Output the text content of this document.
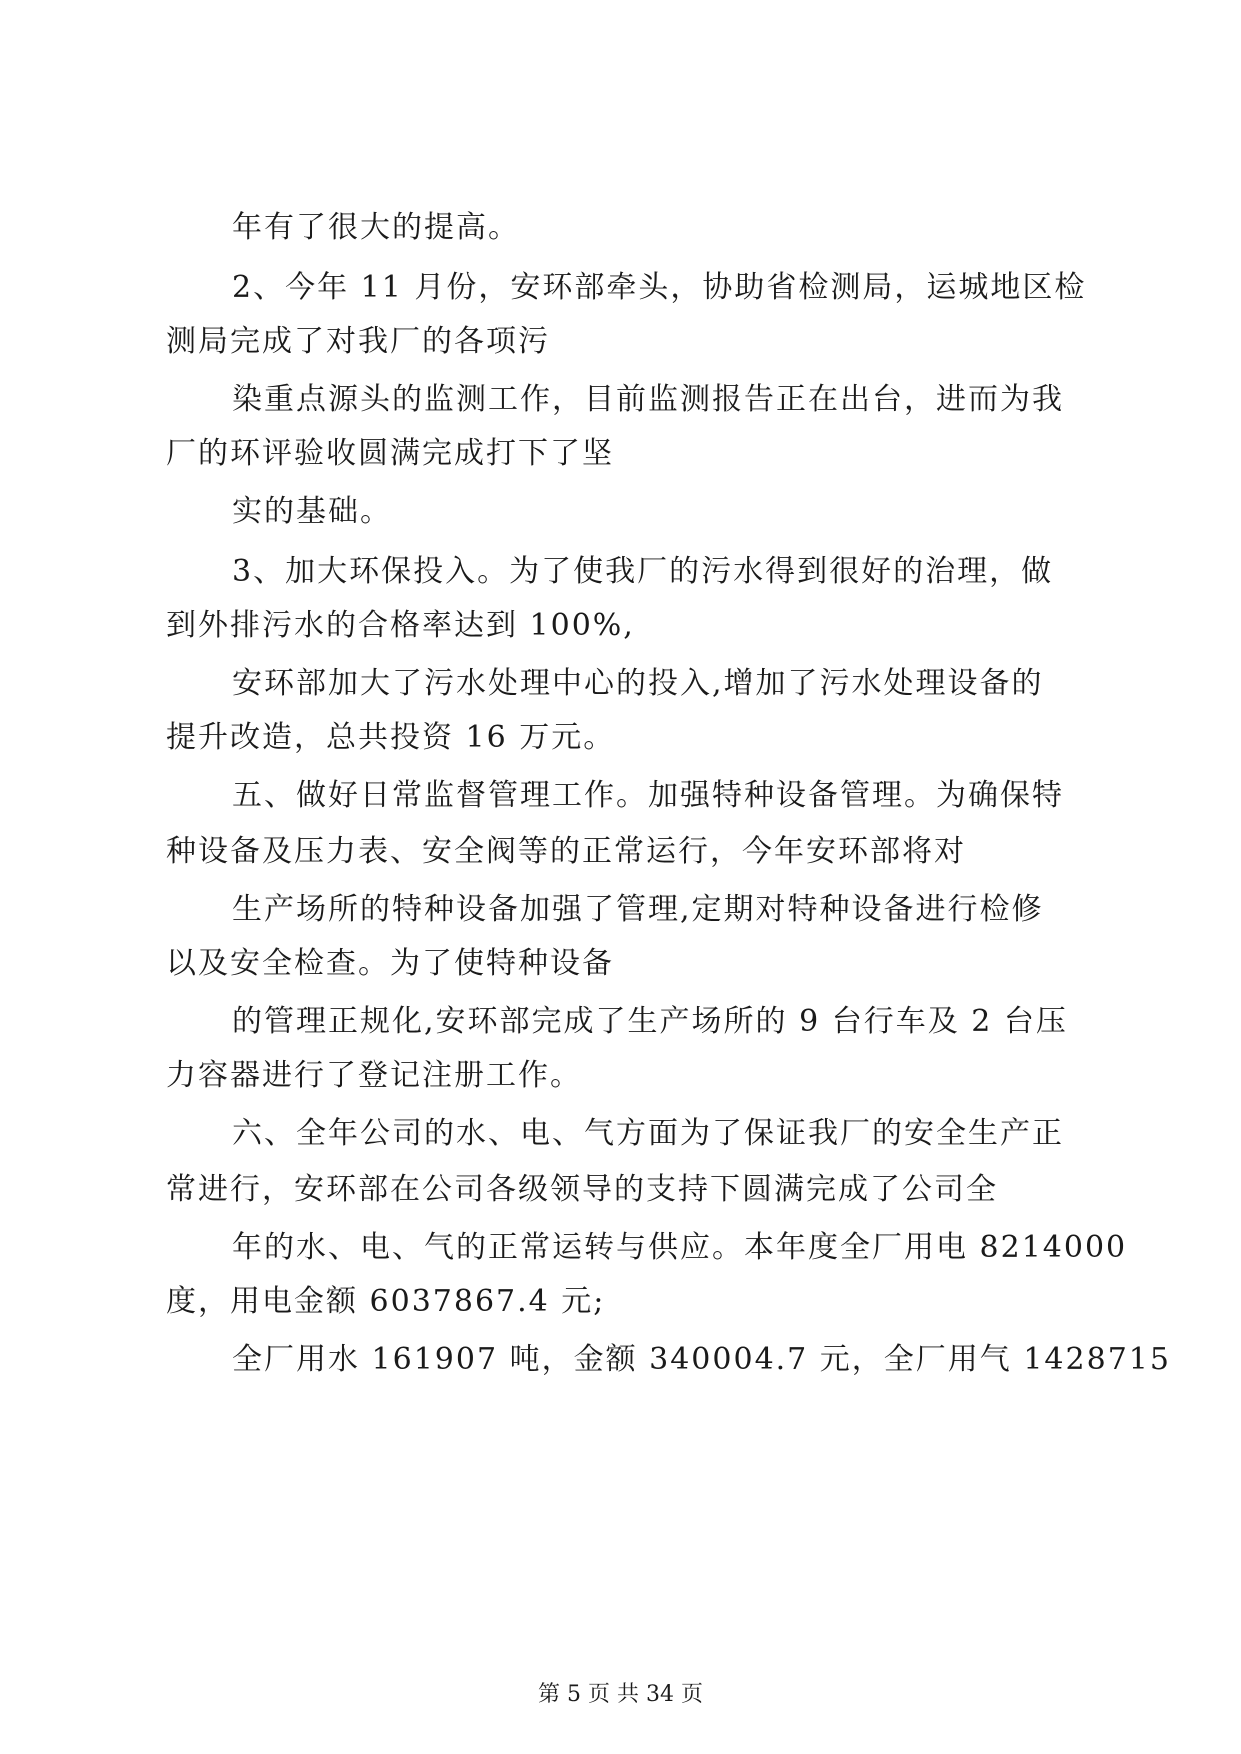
年有了很大的提高。
2、今年 11 月份，安环部牵头，协助省检测局，运城地区检
测局完成了对我厂的各项污
染重点源头的监测工作，目前监测报告正在出台，进而为我
厂的环评验收圆满完成打下了坚
实的基础。
3、加大环保投入。为了使我厂的污水得到很好的治理，做
到外排污水的合格率达到 100%,
安环部加大了污水处理中心的投入,增加了污水处理设备的
提升改造，总共投资 16 万元。
五、做好日常监督管理工作。加强特种设备管理。为确保特
种设备及压力表、安全阀等的正常运行，今年安环部将对
生产场所的特种设备加强了管理,定期对特种设备进行检修
以及安全检查。为了使特种设备
的管理正规化,安环部完成了生产场所的 9 台行车及 2 台压
力容器进行了登记注册工作。
六、全年公司的水、电、气方面为了保证我厂的安全生产正
常进行，安环部在公司各级领导的支持下圆满完成了公司全
年的水、电、气的正常运转与供应。本年度全厂用电 8214000
度，用电金额 6037867.4 元;
全厂用水 161907 吨，金额 340004.7 元，全厂用气 1428715
第 5 页 共 34 页
